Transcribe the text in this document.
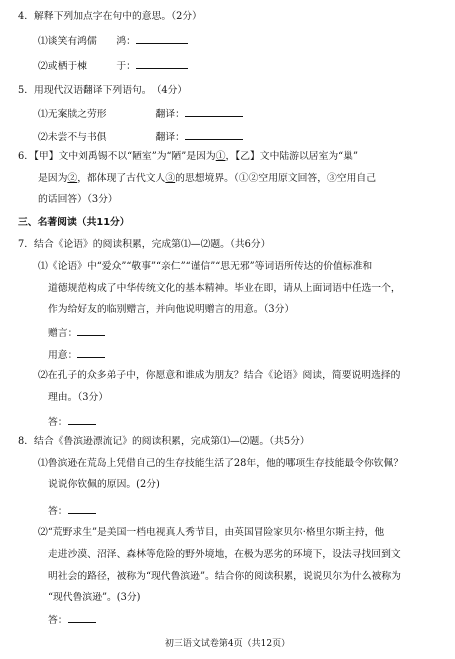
4．解释下列加点字在句中的意思。（2分）
⑴谈笑有鸿儒　　鸿：
⑵或栖于棟　　　于：
5．用现代汉语翻译下列语句。　（4分）
⑴无案牍之劳形　　　　　翻译：
⑵未尝不与书俱　　　　　翻译：
6．【甲】文中刘禹锡不以“陋室”为“陋”是因为①，【乙】文中陆游以居室为“巢”
是因为②，都体现了古代文人③的思想境界。（①②空用原文回答，③空用自己
的话回答）（3分）
三、名著阅读（共11分）
7．结合《论语》的阅读积累，完成第⑴—⑵题。（共6分）
⑴《论语》中“爱众”“敬事”“亲仁”“谨信”“思无邪”等词语所传达的价值标准和
道德规范构成了中华传统文化的基本精神。毕业在即，请从上面词语中任选一个，
作为给好友的临别赠言，并向他说明赠言的用意。（3分）
赠言：
用意：
⑵在孔子的众多弟子中，你愿意和谁成为朋友？结合《论语》阅读，简要说明选择的
理由。（3分）
答：
8．结合《鲁滨逊漂流记》的阅读积累，完成第⑴—⑵题。（共5分）
⑴鲁滨逊在荒岛上凭借自己的生存技能生活了28年，他的哪项生存技能最令你钦佩？
说说你钦佩的原因。(2分)
答：
⑵“荒野求生”是美国一档电视真人秀节目，由英国冒险家贝尔·格里尔斯主持，他
走进沙漠、沼泽、森林等危险的野外境地，在极为恶劣的环境下，设法寻找回到文
明社会的路径，被称为“现代鲁滨逊”。结合你的阅读积累，说说贝尔为什么被称为
“现代鲁滨逊”。(3分)
答：
初三语文试卷第4页（共12页）
